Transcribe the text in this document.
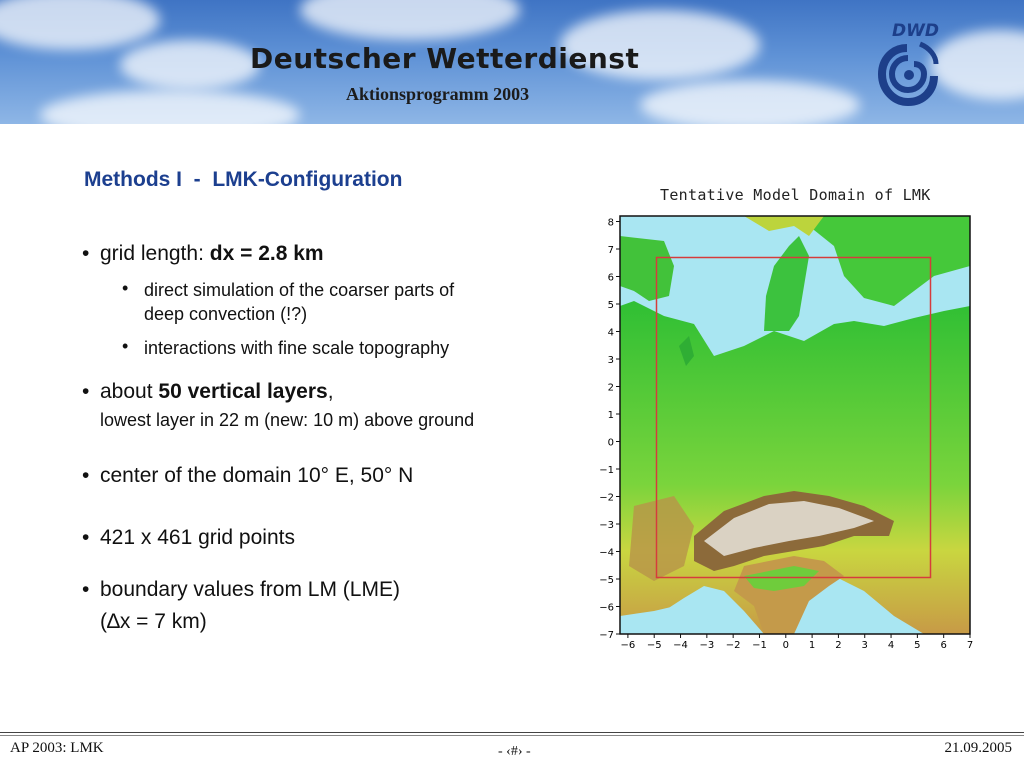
Deutscher Wetterdienst
Aktionsprogramm 2003
DWD
Methods I  -  LMK-Configuration
• grid length: dx = 2.8 km
• direct simulation of the coarser parts of
deep convection (!?)
• interactions with fine scale topography
• about 50 vertical layers,
lowest layer in 22 m (new: 10 m) above ground
• center of the domain 10° E, 50° N
• 421 x 461 grid points
• boundary values from LM (LME)
(∆x = 7 km)
Tentative Model Domain of LMK
8
7
6
5
4
3
2
1
0
−1
−2
−3
−4
−5
−6
−7
−6 −5 −4 −3 −2 −1 0 1 2 3 4 5 6 7
AP 2003: LMK	- ‹#› -	21.09.2005
